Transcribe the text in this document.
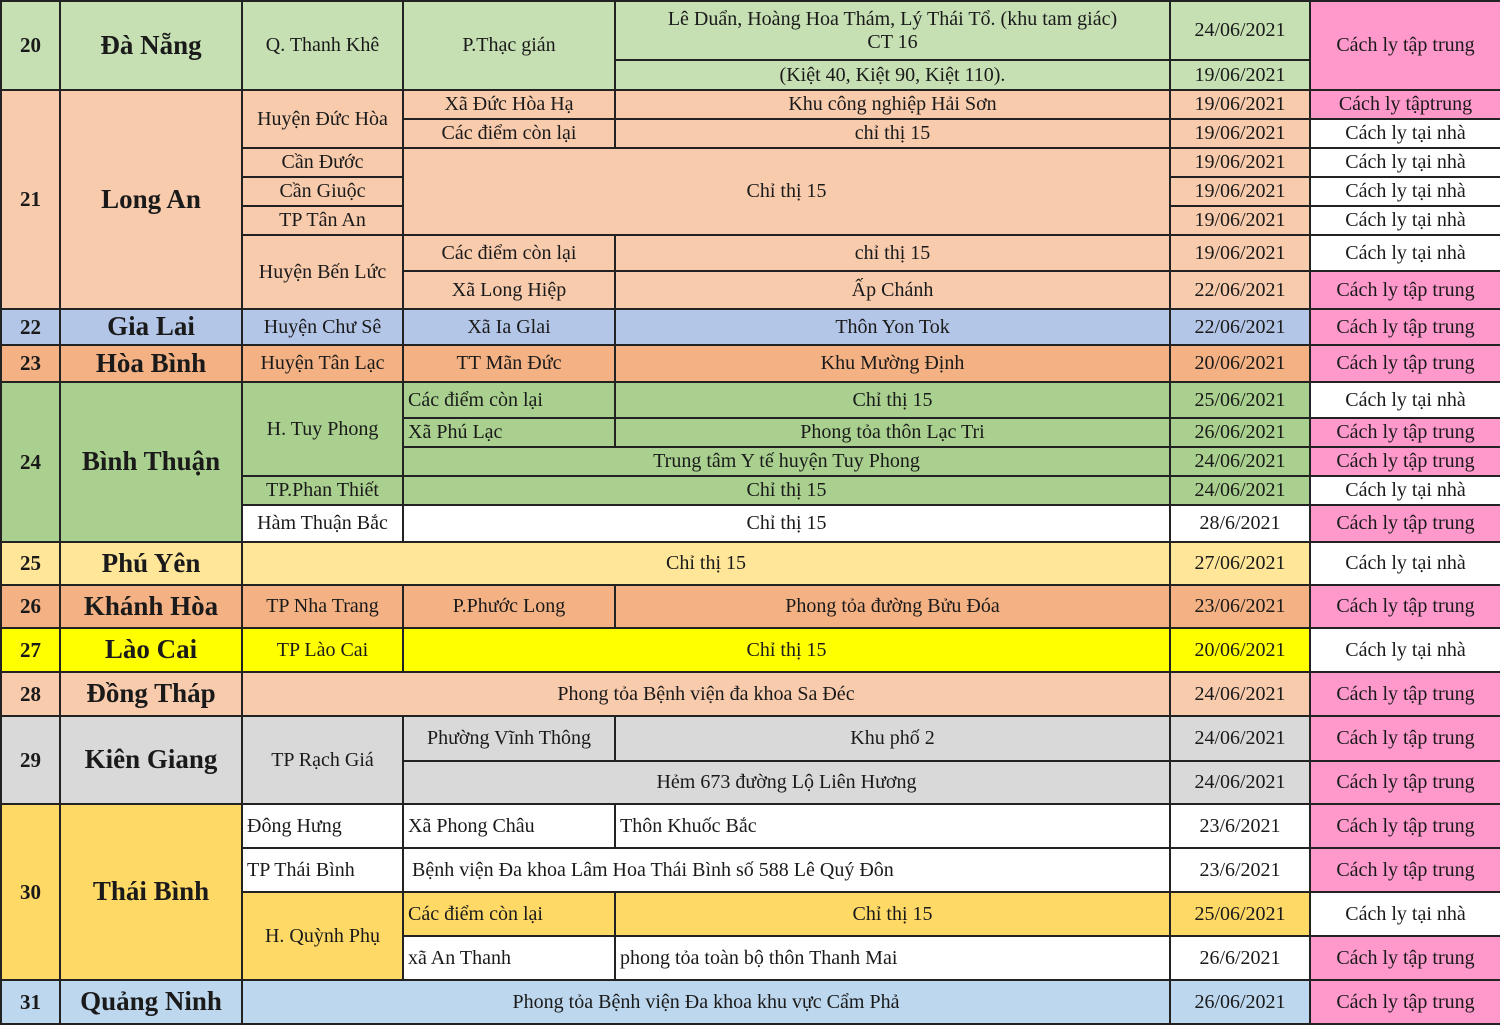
20	Đà Nẵng	Q. Thanh Khê	P.Thạc gián	Lê Duẩn, Hoàng Hoa Thám, Lý Thái Tổ. (khu tam giác)
CT 16	24/06/2021	Cách ly tập trung
				(Kiệt 40, Kiệt 90, Kiệt 110).	19/06/2021	
21	Long An	Huyện Đức Hòa	Xã Đức Hòa Hạ	Khu công nghiệp Hải Sơn	19/06/2021	Cách ly tậptrung
			Các điểm còn lại	chỉ thị 15	19/06/2021	Cách ly tại nhà
		Cần Đước	Chỉ thị 15		19/06/2021	Cách ly tại nhà
		Cần Giuộc			19/06/2021	Cách ly tại nhà
		TP Tân An			19/06/2021	Cách ly tại nhà
		Huyện Bến Lức	Các điểm còn lại	chỉ thị 15	19/06/2021	Cách ly tại nhà
			Xã Long Hiệp	Ấp Chánh	22/06/2021	Cách ly tập trung
22	Gia Lai	Huyện Chư Sê	Xã Ia Glai	Thôn Yon Tok	22/06/2021	Cách ly tập trung
23	Hòa Bình	Huyện Tân Lạc	TT Mãn Đức	Khu Mường Định	20/06/2021	Cách ly tập trung
24	Bình Thuận	H. Tuy Phong	Các điểm còn lại	Chỉ thị 15	25/06/2021	Cách ly tại nhà
			Xã Phú Lạc	Phong tỏa thôn Lạc Tri	26/06/2021	Cách ly tập trung
			Trung tâm Y tế huyện Tuy Phong		24/06/2021	Cách ly tập trung
		TP.Phan Thiết	Chỉ thị 15		24/06/2021	Cách ly tại nhà
		Hàm Thuận Bắc	Chỉ thị 15		28/6/2021	Cách ly tập trung
25	Phú Yên	Chỉ thị 15			27/06/2021	Cách ly tại nhà
26	Khánh Hòa	TP Nha Trang	P.Phước Long	Phong tỏa đường Bửu Đóa	23/06/2021	Cách ly tập trung
27	Lào Cai	TP Lào Cai	Chỉ thị 15		20/06/2021	Cách ly tại nhà
28	Đồng Tháp	Phong tỏa Bệnh viện đa khoa Sa Đéc			24/06/2021	Cách ly tập trung
29	Kiên Giang	TP Rạch Giá	Phường Vĩnh Thông	Khu phố 2	24/06/2021	Cách ly tập trung
			Hẻm 673 đường Lộ Liên Hương		24/06/2021	Cách ly tập trung
30	Thái Bình	Đông Hưng	Xã Phong Châu	Thôn Khuốc Bắc	23/6/2021	Cách ly tập trung
		TP Thái Bình	Bệnh viện Đa khoa Lâm Hoa Thái Bình số 588 Lê Quý Đôn		23/6/2021	Cách ly tập trung
		H. Quỳnh Phụ	Các điểm còn lại	Chỉ thị 15	25/06/2021	Cách ly tại nhà
			xã An Thanh	phong tỏa toàn bộ thôn Thanh Mai	26/6/2021	Cách ly tập trung
31	Quảng Ninh	Phong tỏa Bệnh viện Đa khoa khu vực Cẩm Phả			26/06/2021	Cách ly tập trung
